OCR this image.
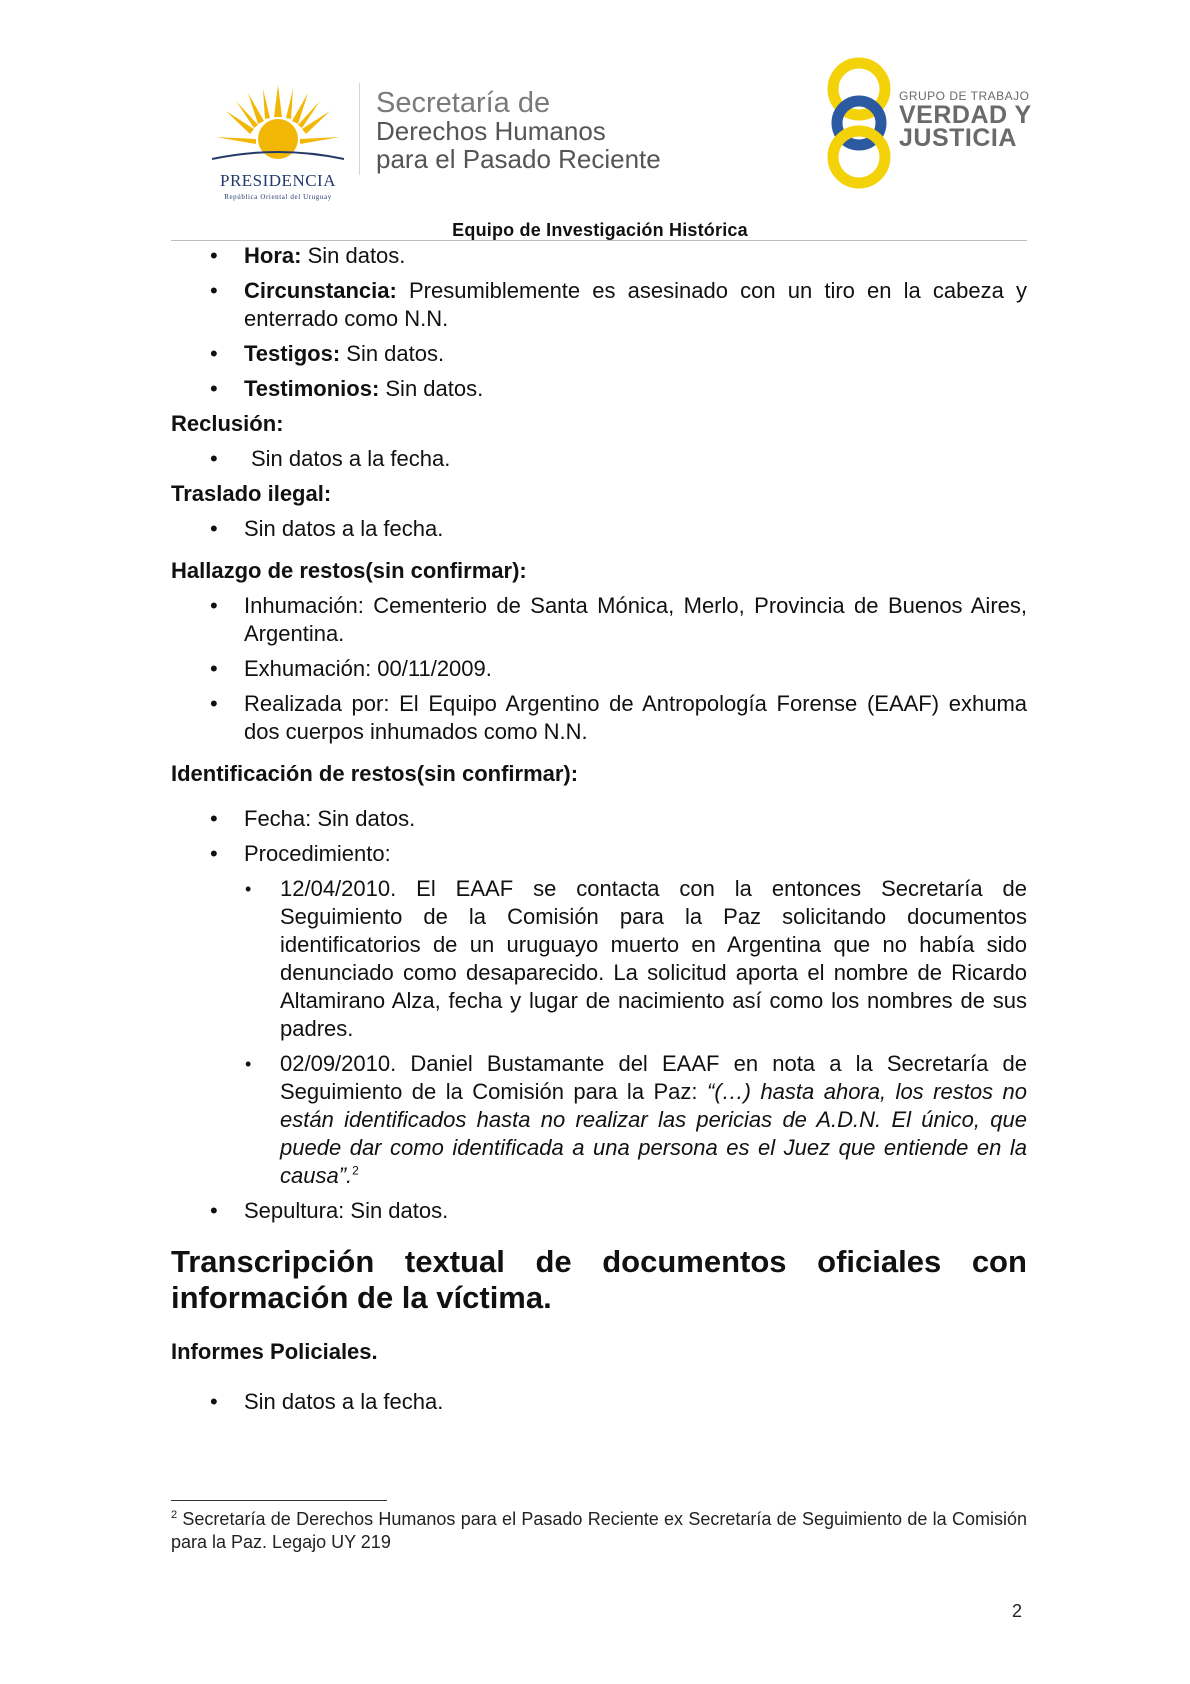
PRESIDENCIA
República Oriental del Uruguay
Secretaría de
Derechos Humanos
para el Pasado Reciente
GRUPO DE TRABAJO
VERDAD Y
JUSTICIA
Equipo de Investigación Histórica
• Hora: Sin datos.
• Circunstancia: Presumiblemente es asesinado con un tiro en la cabeza y enterrado como N.N.
• Testigos: Sin datos.
• Testimonios: Sin datos.
Reclusión:
• Sin datos a la fecha.
Traslado ilegal:
• Sin datos a la fecha.
Hallazgo de restos(sin confirmar):
• Inhumación: Cementerio de Santa Mónica, Merlo, Provincia de Buenos Aires, Argentina.
• Exhumación: 00/11/2009.
• Realizada por: El Equipo Argentino de Antropología Forense (EAAF) exhuma dos cuerpos inhumados como N.N.
Identificación de restos(sin confirmar):
• Fecha: Sin datos.
• Procedimiento:
• 12/04/2010. El EAAF se contacta con la entonces Secretaría de Seguimiento de la Comisión para la Paz solicitando documentos identificatorios de un uruguayo muerto en Argentina que no había sido denunciado como desaparecido. La solicitud aporta el nombre de Ricardo Altamirano Alza, fecha y lugar de nacimiento así como los nombres de sus padres.
• 02/09/2010. Daniel Bustamante del EAAF en nota a la Secretaría de Seguimiento de la Comisión para la Paz: “(…) hasta ahora, los restos no están identificados hasta no realizar las pericias de A.D.N. El único, que puede dar como identificada a una persona es el Juez que entiende en la causa”.$^2$
• Sepultura: Sin datos.
Transcripción textual de documentos oficiales con
información de la víctima.
Informes Policiales.
• Sin datos a la fecha.
$^2$ Secretaría de Derechos Humanos para el Pasado Reciente ex Secretaría de Seguimiento de la Comisión para la Paz. Legajo UY 219
2
